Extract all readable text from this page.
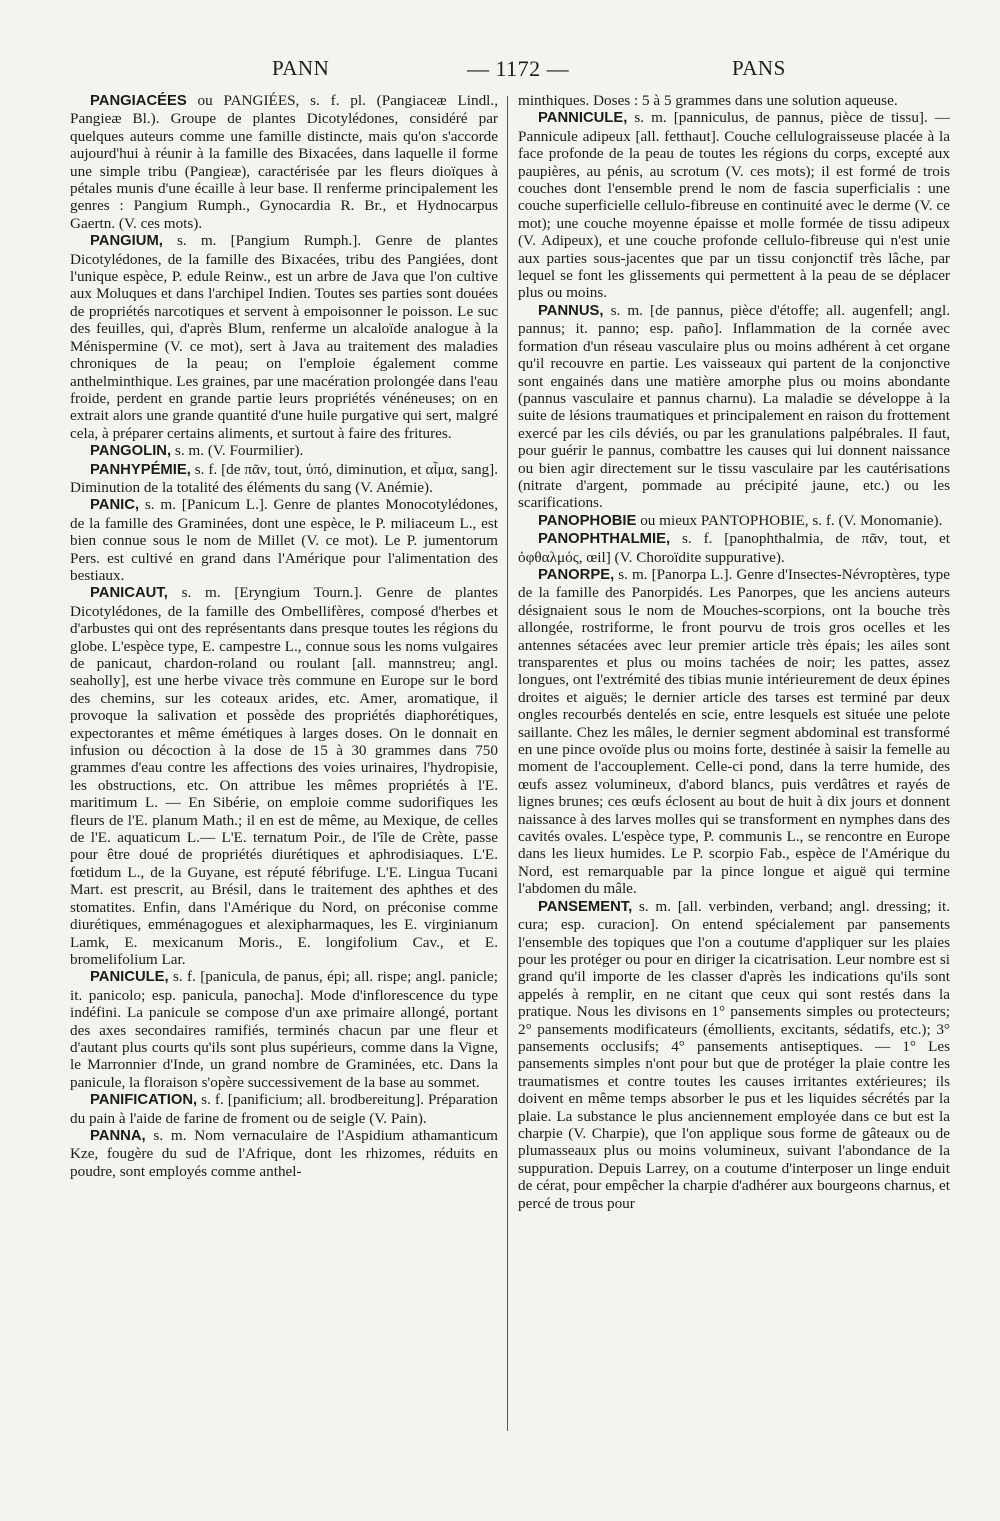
PANN	— 1172 —	PANS

PANGIACÉES ou PANGIÉES, s. f. pl. (Pangiaceæ Lindl., Pangieæ Bl.). Groupe de plantes Dicotylédones, considéré par quelques auteurs comme une famille distincte, mais qu'on s'accorde aujourd'hui à réunir à la famille des Bixacées, dans laquelle il forme une simple tribu (Pangieæ), caractérisée par les fleurs dioïques à pétales munis d'une écaille à leur base. Il renferme principalement les genres : Pangium Rumph., Gynocardia R. Br., et Hydnocarpus Gaertn. (V. ces mots).

PANGIUM, s. m. [Pangium Rumph.]. Genre de plantes Dicotylédones, de la famille des Bixacées, tribu des Pangiées, dont l'unique espèce, P. edule Reinw., est un arbre de Java que l'on cultive aux Moluques et dans l'archipel Indien. Toutes ses parties sont douées de propriétés narcotiques et servent à empoisonner le poisson. Le suc des feuilles, qui, d'après Blum, renferme un alcaloïde analogue à la Ménispermine (V. ce mot), sert à Java au traitement des maladies chroniques de la peau; on l'emploie également comme anthelminthique. Les graines, par une macération prolongée dans l'eau froide, perdent en grande partie leurs propriétés vénéneuses; on en extrait alors une grande quantité d'une huile purgative qui sert, malgré cela, à préparer certains aliments, et surtout à faire des fritures.

PANGOLIN, s. m. (V. Fourmilier).

PANHYPÉMIE, s. f. [de πᾶν, tout, ὑπό, diminution, et αἷμα, sang]. Diminution de la totalité des éléments du sang (V. Anémie).

PANIC, s. m. [Panicum L.]. Genre de plantes Monocotylédones, de la famille des Graminées, dont une espèce, le P. miliaceum L., est bien connue sous le nom de Millet (V. ce mot). Le P. jumentorum Pers. est cultivé en grand dans l'Amérique pour l'alimentation des bestiaux.

PANICAUT, s. m. [Eryngium Tourn.]. Genre de plantes Dicotylédones, de la famille des Ombellifères, composé d'herbes et d'arbustes qui ont des représentants dans presque toutes les régions du globe. L'espèce type, E. campestre L., connue sous les noms vulgaires de panicaut, chardon-roland ou roulant [all. mannstreu; angl. seaholly], est une herbe vivace très commune en Europe sur le bord des chemins, sur les coteaux arides, etc. Amer, aromatique, il provoque la salivation et possède des propriétés diaphorétiques, expectorantes et même émétiques à larges doses. On le donnait en infusion ou décoction à la dose de 15 à 30 grammes dans 750 grammes d'eau contre les affections des voies urinaires, l'hydropisie, les obstructions, etc. On attribue les mêmes propriétés à l'E. maritimum L. — En Sibérie, on emploie comme sudorifiques les fleurs de l'E. planum Math.; il en est de même, au Mexique, de celles de l'E. aquaticum L.— L'E. ternatum Poir., de l'île de Crète, passe pour être doué de propriétés diurétiques et aphrodisiaques. L'E. fœtidum L., de la Guyane, est réputé fébrifuge. L'E. Lingua Tucani Mart. est prescrit, au Brésil, dans le traitement des aphthes et des stomatites. Enfin, dans l'Amérique du Nord, on préconise comme diurétiques, emménagogues et alexipharmaques, les E. virginianum Lamk, E. mexicanum Moris., E. longifolium Cav., et E. bromelifolium Lar.

PANICULE, s. f. [panicula, de panus, épi; all. rispe; angl. panicle; it. panicolo; esp. panicula, panocha]. Mode d'inflorescence du type indéfini. La panicule se compose d'un axe primaire allongé, portant des axes secondaires ramifiés, terminés chacun par une fleur et d'autant plus courts qu'ils sont plus supérieurs, comme dans la Vigne, le Marronnier d'Inde, un grand nombre de Graminées, etc. Dans la panicule, la floraison s'opère successivement de la base au sommet.

PANIFICATION, s. f. [panificium; all. brodbereitung]. Préparation du pain à l'aide de farine de froment ou de seigle (V. Pain).

PANNA, s. m. Nom vernaculaire de l'Aspidium athamanticum Kze, fougère du sud de l'Afrique, dont les rhizomes, réduits en poudre, sont employés comme anthel-

minthiques. Doses : 5 à 5 grammes dans une solution aqueuse.

PANNICULE, s. m. [panniculus, de pannus, pièce de tissu]. — Pannicule adipeux [all. fetthaut]. Couche cellulograisseuse placée à la face profonde de la peau de toutes les régions du corps, excepté aux paupières, au pénis, au scrotum (V. ces mots); il est formé de trois couches dont l'ensemble prend le nom de fascia superficialis : une couche superficielle cellulo-fibreuse en continuité avec le derme (V. ce mot); une couche moyenne épaisse et molle formée de tissu adipeux (V. Adipeux), et une couche profonde cellulo-fibreuse qui n'est unie aux parties sous-jacentes que par un tissu conjonctif très lâche, par lequel se font les glissements qui permettent à la peau de se déplacer plus ou moins.

PANNUS, s. m. [de pannus, pièce d'étoffe; all. augenfell; angl. pannus; it. panno; esp. paño]. Inflammation de la cornée avec formation d'un réseau vasculaire plus ou moins adhérent à cet organe qu'il recouvre en partie. Les vaisseaux qui partent de la conjonctive sont engainés dans une matière amorphe plus ou moins abondante (pannus vasculaire et pannus charnu). La maladie se développe à la suite de lésions traumatiques et principalement en raison du frottement exercé par les cils déviés, ou par les granulations palpébrales. Il faut, pour guérir le pannus, combattre les causes qui lui donnent naissance ou bien agir directement sur le tissu vasculaire par les cautérisations (nitrate d'argent, pommade au précipité jaune, etc.) ou les scarifications.

PANOPHOBIE ou mieux PANTOPHOBIE, s. f. (V. Monomanie).

PANOPHTHALMIE, s. f. [panophthalmia, de πᾶν, tout, et ὀφθαλμός, œil] (V. Choroïdite suppurative).

PANORPE, s. m. [Panorpa L.]. Genre d'Insectes-Névroptères, type de la famille des Panorpidés. Les Panorpes, que les anciens auteurs désignaient sous le nom de Mouches-scorpions, ont la bouche très allongée, rostriforme, le front pourvu de trois gros ocelles et les antennes sétacées avec leur premier article très épais; les ailes sont transparentes et plus ou moins tachées de noir; les pattes, assez longues, ont l'extrémité des tibias munie intérieurement de deux épines droites et aiguës; le dernier article des tarses est terminé par deux ongles recourbés dentelés en scie, entre lesquels est située une pelote saillante. Chez les mâles, le dernier segment abdominal est transformé en une pince ovoïde plus ou moins forte, destinée à saisir la femelle au moment de l'accouplement. Celle-ci pond, dans la terre humide, des œufs assez volumineux, d'abord blancs, puis verdâtres et rayés de lignes brunes; ces œufs éclosent au bout de huit à dix jours et donnent naissance à des larves molles qui se transforment en nymphes dans des cavités ovales. L'espèce type, P. communis L., se rencontre en Europe dans les lieux humides. Le P. scorpio Fab., espèce de l'Amérique du Nord, est remarquable par la pince longue et aiguë qui termine l'abdomen du mâle.

PANSEMENT, s. m. [all. verbinden, verband; angl. dressing; it. cura; esp. curacion]. On entend spécialement par pansements l'ensemble des topiques que l'on a coutume d'appliquer sur les plaies pour les protéger ou pour en diriger la cicatrisation. Leur nombre est si grand qu'il importe de les classer d'après les indications qu'ils sont appelés à remplir, en ne citant que ceux qui sont restés dans la pratique. Nous les divisons en 1° pansements simples ou protecteurs; 2° pansements modificateurs (émollients, excitants, sédatifs, etc.); 3° pansements occlusifs; 4° pansements antiseptiques. — 1° Les pansements simples n'ont pour but que de protéger la plaie contre les traumatismes et contre toutes les causes irritantes extérieures; ils doivent en même temps absorber le pus et les liquides sécrétés par la plaie. La substance le plus anciennement employée dans ce but est la charpie (V. Charpie), que l'on applique sous forme de gâteaux ou de plumasseaux plus ou moins volumineux, suivant l'abondance de la suppuration. Depuis Larrey, on a coutume d'interposer un linge enduit de cérat, pour empêcher la charpie d'adhérer aux bourgeons charnus, et percé de trous pour
